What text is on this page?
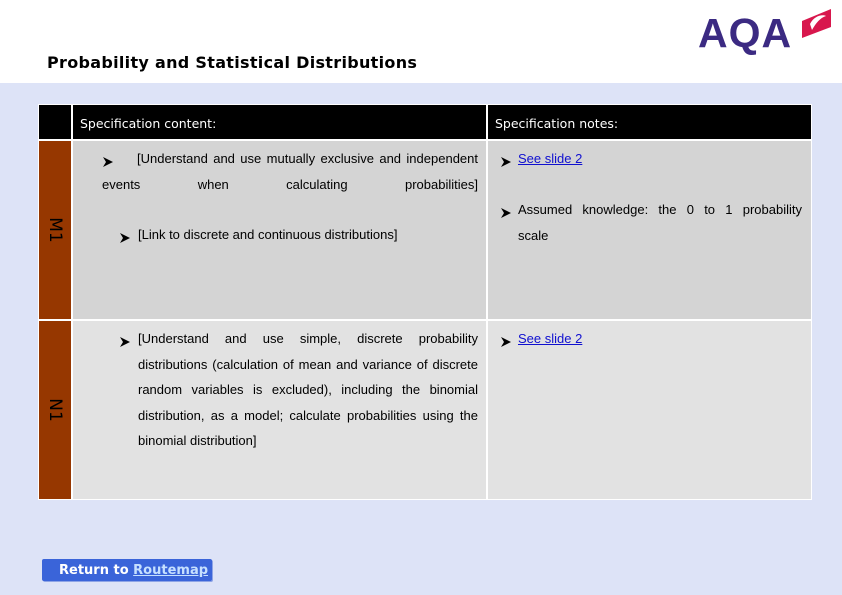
Probability and Statistical Distributions
AQA
Specification content:	Specification notes:
M1
[Understand and use mutually exclusive and independent events when calculating probabilities]
[Link to discrete and continuous distributions]
See slide 2
Assumed knowledge: the 0 to 1 probability scale
N1
[Understand and use simple, discrete probability distributions (calculation of mean and variance of discrete random variables is excluded), including the binomial distribution, as a model; calculate probabilities using the binomial distribution]
See slide 2
Return to Routemap
